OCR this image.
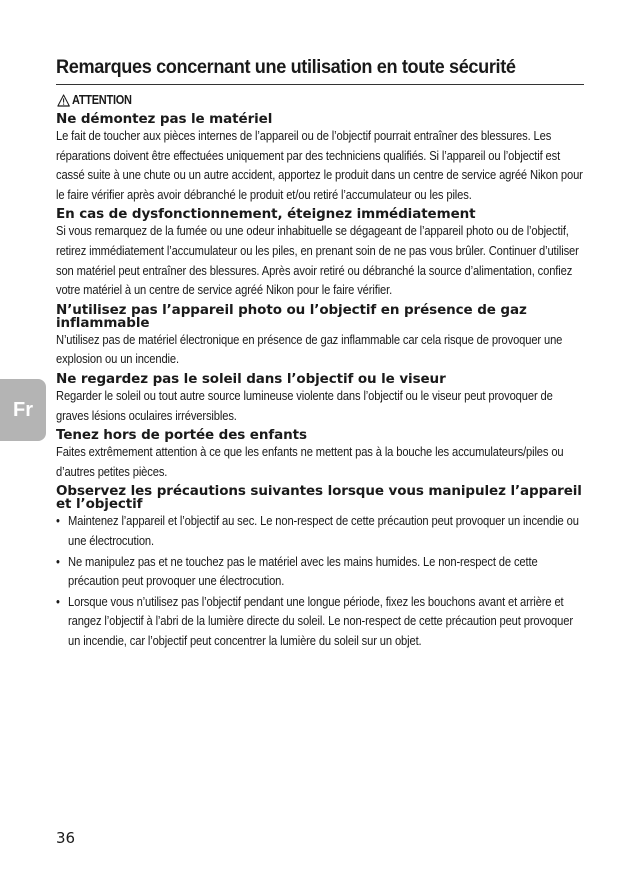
Remarques concernant une utilisation en toute sécurité
ATTENTION
Ne démontez pas le matériel

Le fait de toucher aux pièces internes de l’appareil ou de l’objectif pourrait entraîner des blessures. Les réparations doivent être effectuées uniquement par des techniciens qualifiés. Si l’appareil ou l’objectif est cassé suite à une chute ou un autre accident, apportez le produit dans un centre de service agréé Nikon pour le faire vérifier après avoir débranché le produit et/ou retiré l’accumulateur ou les piles.

En cas de dysfonctionnement, éteignez immédiatement

Si vous remarquez de la fumée ou une odeur inhabituelle se dégageant de l’appareil photo ou de l’objectif, retirez immédiatement l’accumulateur ou les piles, en prenant soin de ne pas vous brûler. Continuer d’utiliser son matériel peut entraîner des blessures. Après avoir retiré ou débranché la source d’alimentation, confiez votre matériel à un centre de service agréé Nikon pour le faire vérifier.

N’utilisez pas l’appareil photo ou l’objectif en présence de gaz inflammable

N’utilisez pas de matériel électronique en présence de gaz inflammable car cela risque de provoquer une explosion ou un incendie.

Ne regardez pas le soleil dans l’objectif ou le viseur

Regarder le soleil ou tout autre source lumineuse violente dans l’objectif ou le viseur peut provoquer de graves lésions oculaires irréversibles.

Tenez hors de portée des enfants

Faites extrêmement attention à ce que les enfants ne mettent pas à la bouche les accumulateurs/piles ou d’autres petites pièces.

Observez les précautions suivantes lorsque vous manipulez l’appareil et l’objectif
• Maintenez l’appareil et l’objectif au sec. Le non-respect de cette précaution peut provoquer un incendie ou une électrocution.
• Ne manipulez pas et ne touchez pas le matériel avec les mains humides. Le non-respect de cette précaution peut provoquer une électrocution.
• Lorsque vous n’utilisez pas l’objectif pendant une longue période, fixez les bouchons avant et arrière et rangez l’objectif à l’abri de la lumière directe du soleil. Le non-respect de cette précaution peut provoquer un incendie, car l’objectif peut concentrer la lumière du soleil sur un objet.
Fr
36
